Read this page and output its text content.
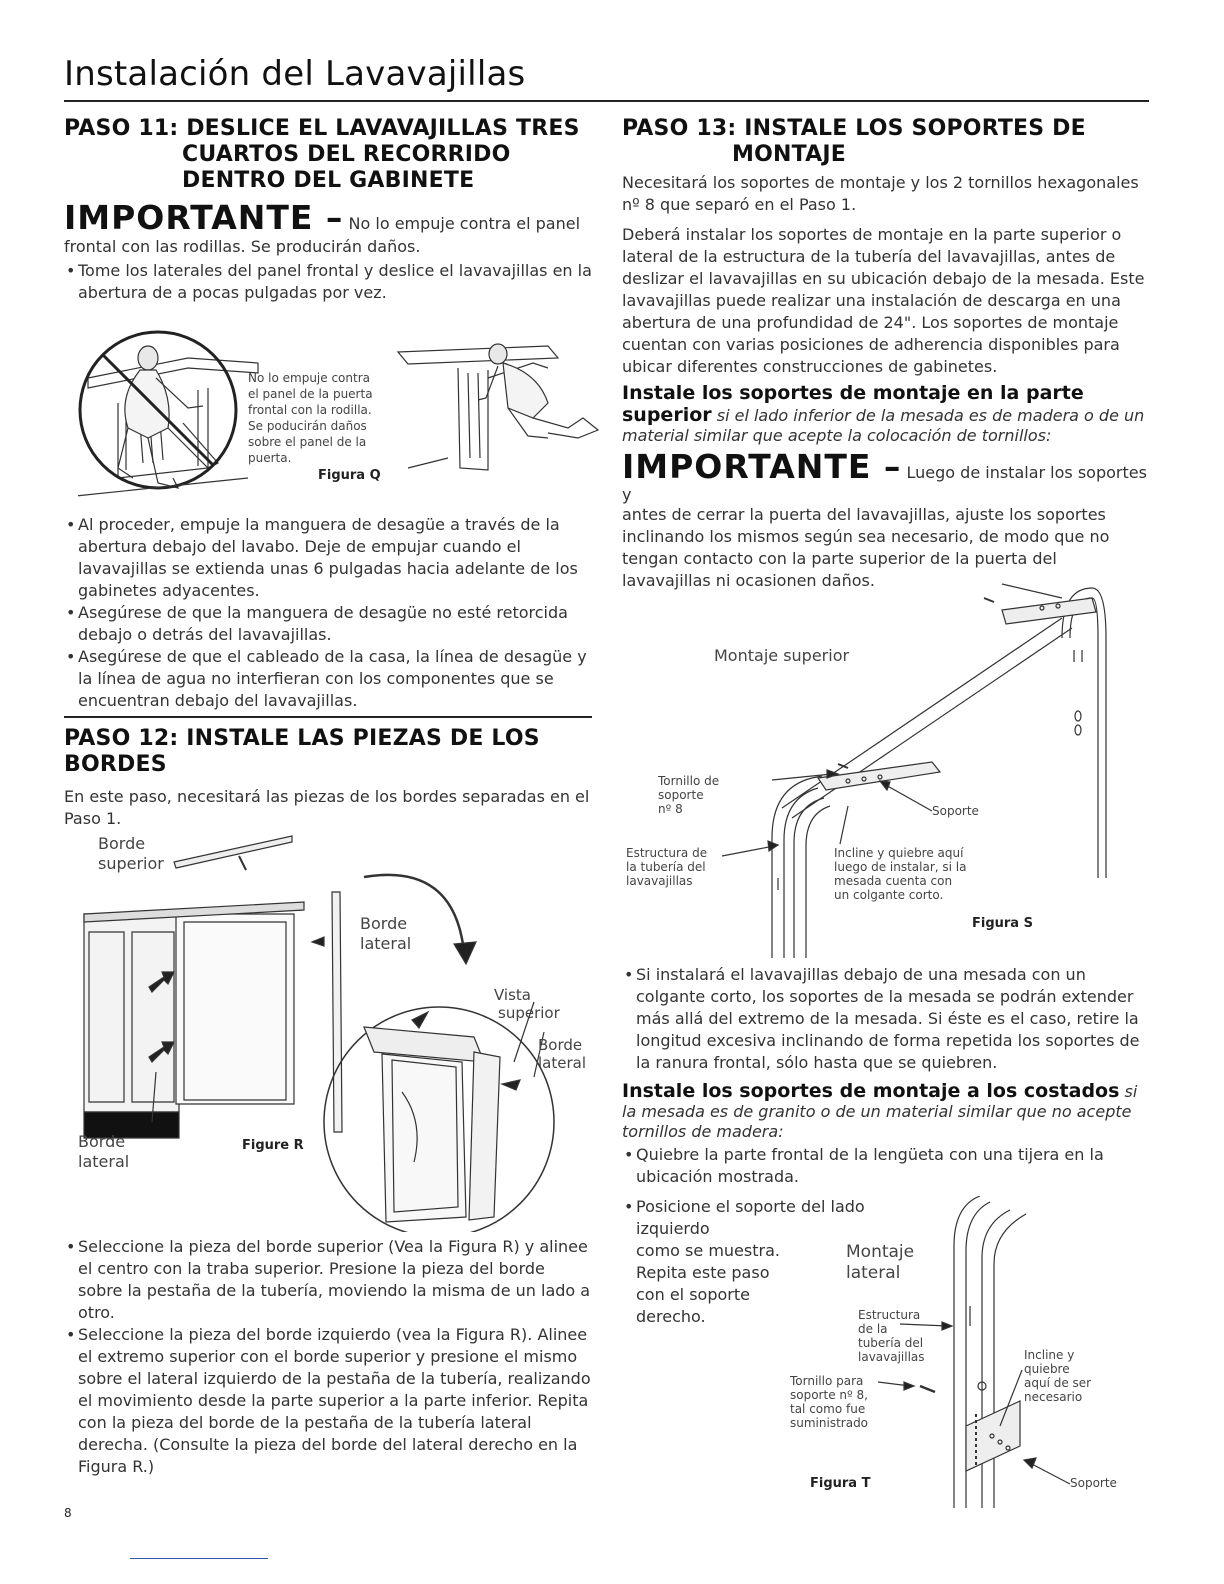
Instalación del Lavavajillas
PASO 11: DESLICE EL LAVAVAJILLAS TRES
CUARTOS DEL RECORRIDO
DENTRO DEL GABINETE
IMPORTANTE – No lo empuje contra el panel

frontal con las rodillas. Se producirán daños.

• Tome los laterales del panel frontal y deslice el lavavajillas en la abertura de a pocas pulgadas por vez.
No lo empuje contra
el panel de la puerta
frontal con la rodilla.
Se poducirán daños
sobre el panel de la
puerta.
Figura Q
• Al proceder, empuje la manguera de desagüe a través de la abertura debajo del lavabo. Deje de empujar cuando el lavavajillas se extienda unas 6 pulgadas hacia adelante de los gabinetes adyacentes.
• Asegúrese de que la manguera de desagüe no esté retorcida debajo o detrás del lavavajillas.
• Asegúrese de que el cableado de la casa, la línea de desagüe y la línea de agua no interfieran con los componentes que se encuentran debajo del lavavajillas.
PASO 12: INSTALE LAS PIEZAS DE LOS BORDES

En este paso, necesitará las piezas de los bordes separadas en el Paso 1.

Borde
superior
Borde
lateral
Vista
superior
Borde
lateral
Borde
lateral
Figure R
• Seleccione la pieza del borde superior (Vea la Figura R) y alinee el centro con la traba superior. Presione la pieza del borde sobre la pestaña de la tubería, moviendo la misma de un lado a otro.
• Seleccione la pieza del borde izquierdo (vea la Figura R). Alinee el extremo superior con el borde superior y presione el mismo sobre el lateral izquierdo de la pestaña de la tubería, realizando el movimiento desde la parte superior a la parte inferior. Repita con la pieza del borde de la pestaña de la tubería lateral derecha. (Consulte la pieza del borde del lateral derecho en la Figura R.)
PASO 13: INSTALE LOS SOPORTES DE
MONTAJE

Necesitará los soportes de montaje y los 2 tornillos hexagonales nº 8 que separó en el Paso 1.

Deberá instalar los soportes de montaje en la parte superior o lateral de la estructura de la tubería del lavavajillas, antes de deslizar el lavavajillas en su ubicación debajo de la mesada. Este lavavajillas puede realizar una instalación de descarga en una abertura de una profundidad de 24". Los soportes de montaje cuentan con varias posiciones de adherencia disponibles para ubicar diferentes construcciones de gabinetes.

Instale los soportes de montaje en la parte superior si el lado inferior de la mesada es de madera o de un material similar que acepte la colocación de tornillos:
IMPORTANTE – Luego de instalar los soportes y

antes de cerrar la puerta del lavavajillas, ajuste los soportes inclinando los mismos según sea necesario, de modo que no tengan contacto con la parte superior de la puerta del lavavajillas ni ocasionen daños.

Montaje superior
Tornillo de
soporte
nº 8	Soporte
Estructura de
la tubería del
lavavajillas
Incline y quiebre aquí
luego de instalar, si la
mesada cuenta con
un colgante corto.
Figura S
• Si instalará el lavavajillas debajo de una mesada con un colgante corto, los soportes de la mesada se podrán extender más allá del extremo de la mesada. Si éste es el caso, retire la longitud excesiva inclinando de forma repetida los soportes de la ranura frontal, sólo hasta que se quiebren.
Instale los soportes de montaje a los costados si
la mesada es de granito o de un material similar que no acepte tornillos de madera:
• Quiebre la parte frontal de la lengüeta con una tijera en la ubicación mostrada.
• Posicione el soporte del lado izquierdo
como se muestra.
Repita este paso
con el soporte
derecho.
Montaje
lateral
Estructura
de la
tubería del
lavavajillas
Tornillo para
soporte nº 8,
tal como fue
suministrado
Incline y
quiebre
aquí de ser
necesario
Soporte
Figura T
8
